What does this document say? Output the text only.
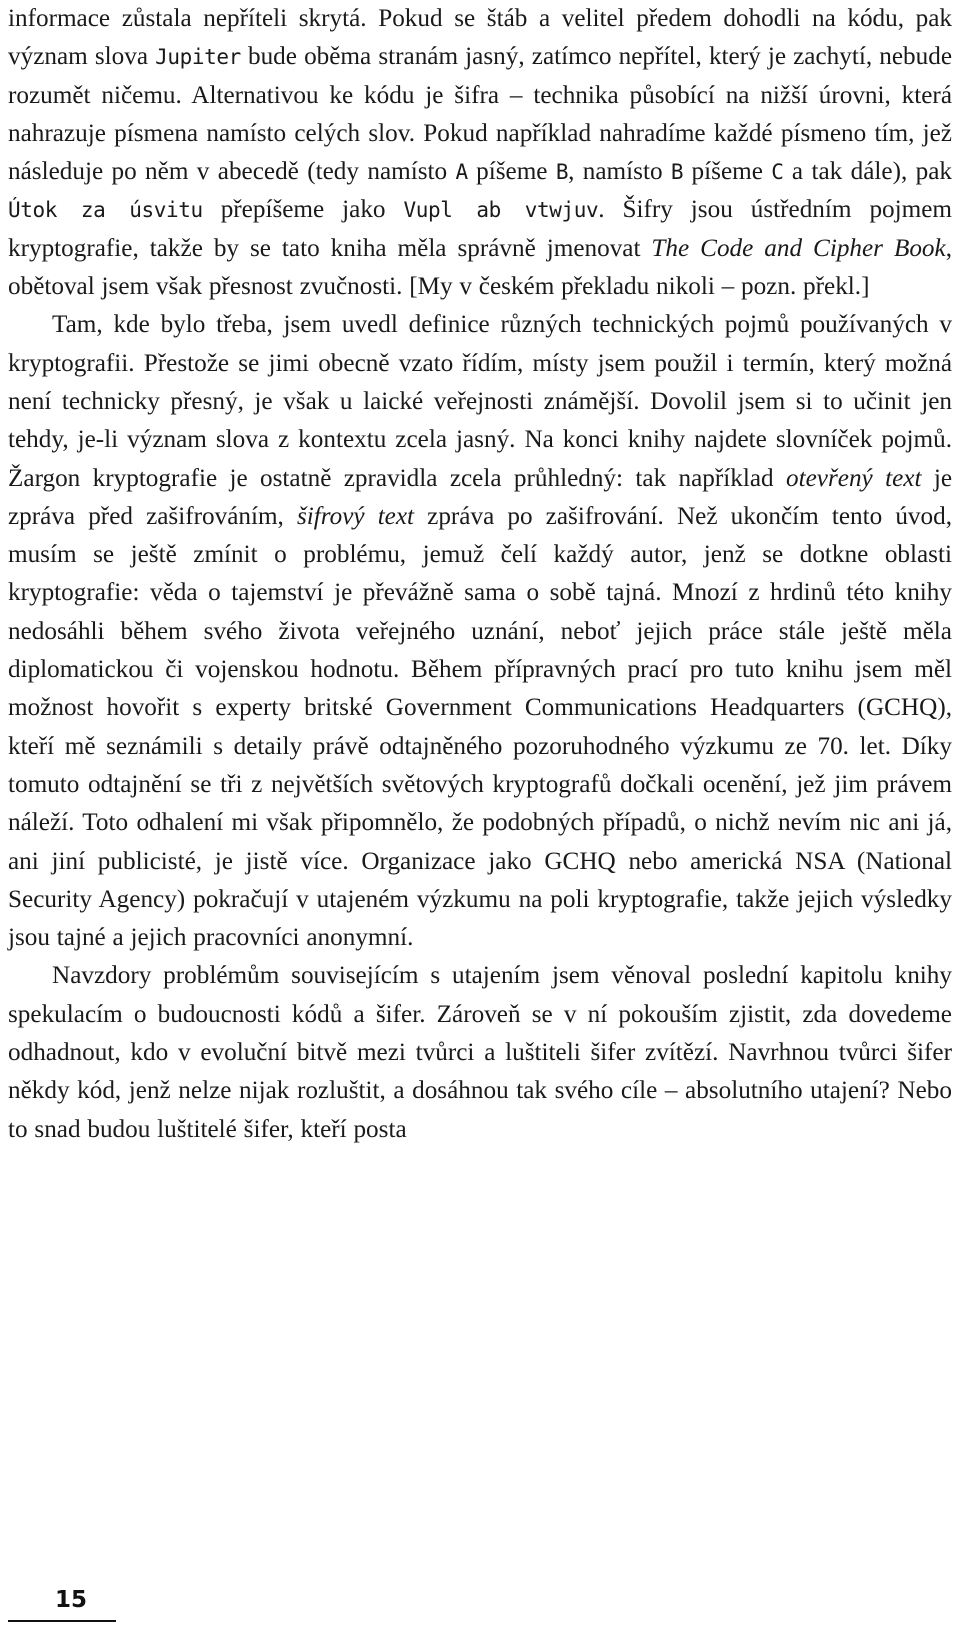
informace zůstala nepříteli skrytá. Pokud se štáb a velitel předem dohodli na kódu, pak význam slova Jupiter bude oběma stranám jasný, zatímco nepřítel, který je zachytí, nebude rozumět ničemu. Alternativou ke kódu je šifra – technika působící na nižší úrovni, která nahrazuje písmena namísto celých slov. Pokud například nahradíme každé písmeno tím, jež následuje po něm v abecedě (tedy namísto A píšeme B, namísto B píšeme C a tak dále), pak Útok za úsvitu přepíšeme jako Vupl ab vtwjuv. Šifry jsou ústředním pojmem kryptografie, takže by se tato kniha měla správně jmenovat The Code and Cipher Book, obětoval jsem však přesnost zvučnosti. [My v českém překladu nikoli – pozn. překl.]

Tam, kde bylo třeba, jsem uvedl definice různých technických pojmů používaných v kryptografii. Přestože se jimi obecně vzato řídím, místy jsem použil i termín, který možná není technicky přesný, je však u laické veřejnosti známější. Dovolil jsem si to učinit jen tehdy, je-li význam slova z kontextu zcela jasný. Na konci knihy najdete slovníček pojmů. Žargon kryptografie je ostatně zpravidla zcela průhledný: tak například otevřený text je zpráva před zašifrováním, šifrový text zpráva po zašifrování. Než ukončím tento úvod, musím se ještě zmínit o problému, jemuž čelí každý autor, jenž se dotkne oblasti kryptografie: věda o tajemství je převážně sama o sobě tajná. Mnozí z hrdinů této knihy nedosáhli během svého života veřejného uznání, neboť jejich práce stále ještě měla diplomatickou či vojenskou hodnotu. Během přípravných prací pro tuto knihu jsem měl možnost hovořit s experty britské Government Communications Headquarters (GCHQ), kteří mě seznámili s detaily právě odtajněného pozoruhodného výzkumu ze 70. let. Díky tomuto odtajnění se tři z největších světových kryptografů dočkali ocenění, jež jim právem náleží. Toto odhalení mi však připomnělo, že podobných případů, o nichž nevím nic ani já, ani jiní publicisté, je jistě více. Organizace jako GCHQ nebo americká NSA (National Security Agency) pokračují v utajeném výzkumu na poli kryptografie, takže jejich výsledky jsou tajné a jejich pracovníci anonymní.

Navzdory problémům souvisejícím s utajením jsem věnoval poslední kapitolu knihy spekulacím o budoucnosti kódů a šifer. Zároveň se v ní pokouším zjistit, zda dovedeme odhadnout, kdo v evoluční bitvě mezi tvůrci a luštiteli šifer zvítězí. Navrhnou tvůrci šifer někdy kód, jenž nelze nijak rozluštit, a dosáhnou tak svého cíle – absolutního utajení? Nebo to snad budou luštitelé šifer, kteří posta

15
